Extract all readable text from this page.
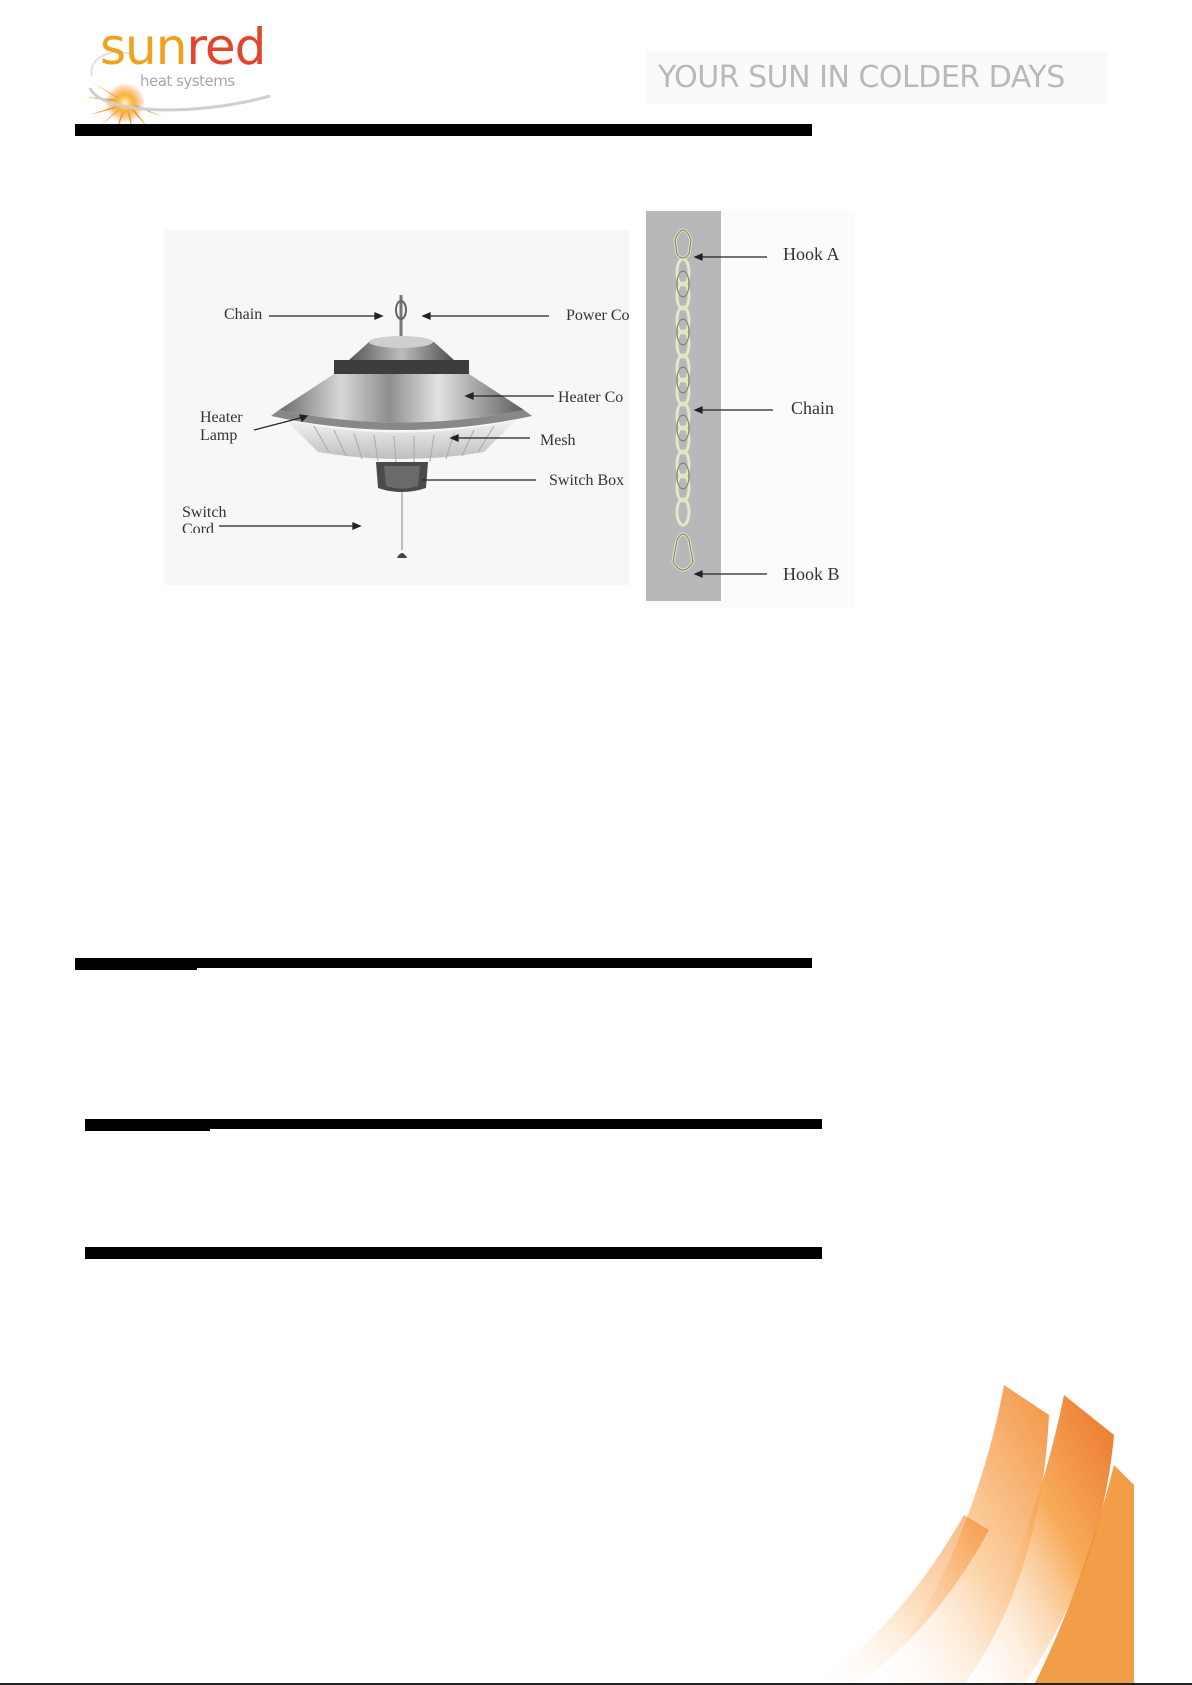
sunred
heat systems	YOUR SUN IN COLDER DAYS
Chain	Power Co
Heater Co
Heater
Lamp	Mesh
Switch Box
Switch
Cord
Hook A
Chain
Hook B
